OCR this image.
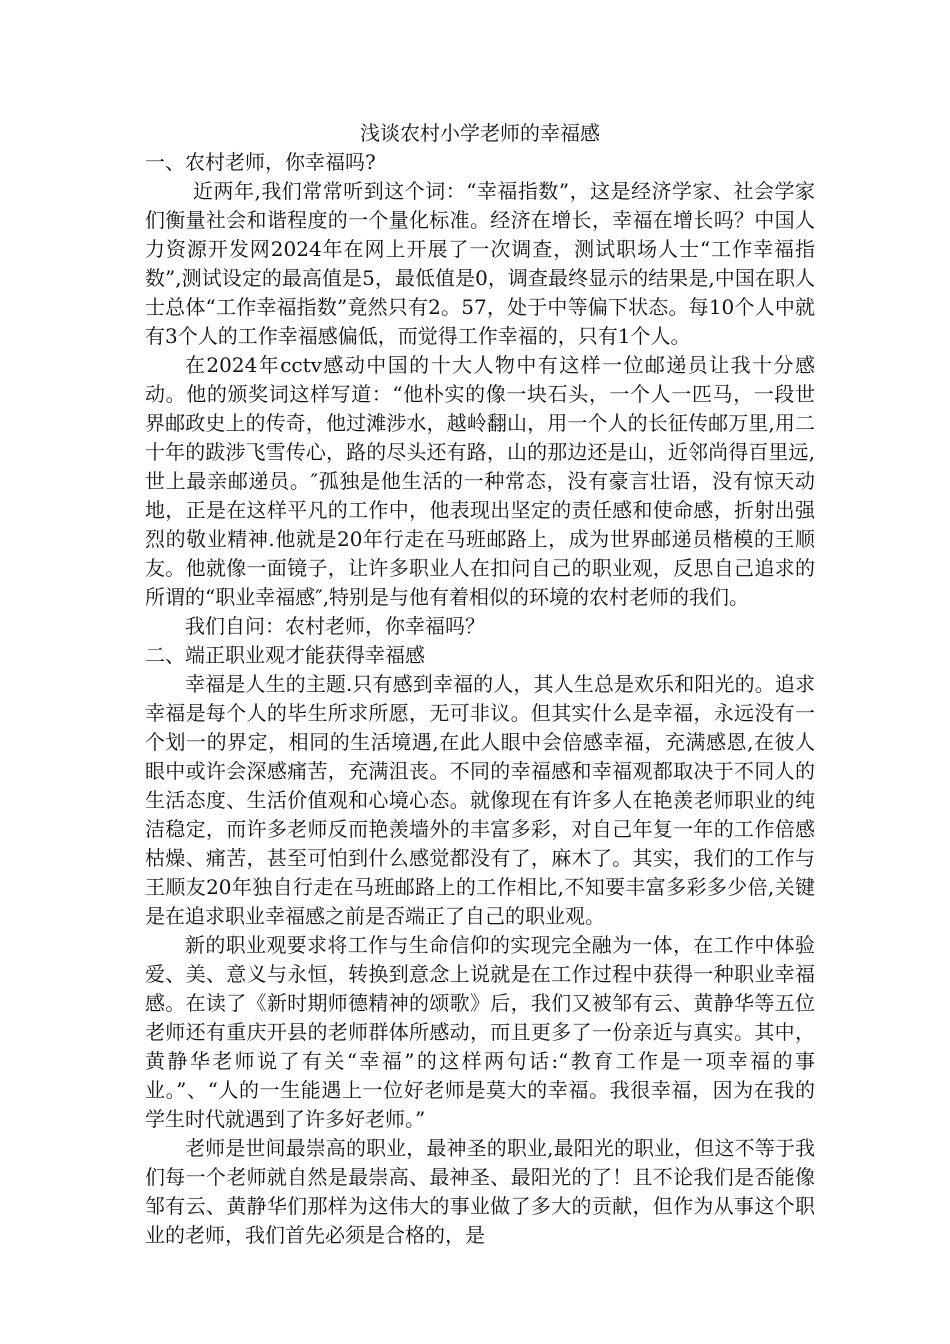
浅谈农村小学老师的幸福感
一、农村老师，你幸福吗?

近两年,我们常常听到这个词：“幸福指数”，这是经济学家、社会学家们衡量社会和谐程度的一个量化标准。经济在增长，幸福在增长吗？中国人力资源开发网2024年在网上开展了一次调查，测试职场人士“工作幸福指数”,测试设定的最高值是5，最低值是0，调查最终显示的结果是,中国在职人士总体“工作幸福指数”竟然只有2。57，处于中等偏下状态。每10个人中就有3个人的工作幸福感偏低，而觉得工作幸福的，只有1个人。

在2024年cctv感动中国的十大人物中有这样一位邮递员让我十分感动。他的颁奖词这样写道：“他朴实的像一块石头，一个人一匹马，一段世界邮政史上的传奇，他过滩涉水，越岭翻山，用一个人的长征传邮万里,用二十年的跋涉飞雪传心，路的尽头还有路，山的那边还是山，近邻尚得百里远,世上最亲邮递员。″孤独是他生活的一种常态，没有豪言壮语，没有惊天动地，正是在这样平凡的工作中，他表现出坚定的责任感和使命感，折射出强烈的敬业精神.他就是20年行走在马班邮路上，成为世界邮递员楷模的王顺友。他就像一面镜子，让许多职业人在扣问自己的职业观，反思自己追求的所谓的“职业幸福感″,特别是与他有着相似的环境的农村老师的我们。

我们自问：农村老师，你幸福吗？

二、端正职业观才能获得幸福感

幸福是人生的主题.只有感到幸福的人，其人生总是欢乐和阳光的。追求幸福是每个人的毕生所求所愿，无可非议。但其实什么是幸福，永远没有一个划一的界定，相同的生活境遇,在此人眼中会倍感幸福，充满感恩,在彼人眼中或许会深感痛苦，充满沮丧。不同的幸福感和幸福观都取决于不同人的生活态度、生活价值观和心境心态。就像现在有许多人在艳羡老师职业的纯洁稳定，而许多老师反而艳羡墙外的丰富多彩，对自己年复一年的工作倍感枯燥、痛苦，甚至可怕到什么感觉都没有了，麻木了。其实，我们的工作与王顺友20年独自行走在马班邮路上的工作相比,不知要丰富多彩多少倍,关键是在追求职业幸福感之前是否端正了自己的职业观。

新的职业观要求将工作与生命信仰的实现完全融为一体，在工作中体验爱、美、意义与永恒，转换到意念上说就是在工作过程中获得一种职业幸福感。在读了《新时期师德精神的颂歌》后，我们又被邹有云、黄静华等五位老师还有重庆开县的老师群体所感动，而且更多了一份亲近与真实。其中，黄静华老师说了有关“幸福”的这样两句话:“教育工作是一项幸福的事业。”、“人的一生能遇上一位好老师是莫大的幸福。我很幸福，因为在我的学生时代就遇到了许多好老师。”

老师是世间最崇高的职业，最神圣的职业,最阳光的职业，但这不等于我们每一个老师就自然是最崇高、最神圣、最阳光的了！且不论我们是否能像邹有云、黄静华们那样为这伟大的事业做了多大的贡献，但作为从事这个职业的老师，我们首先必须是合格的，是
